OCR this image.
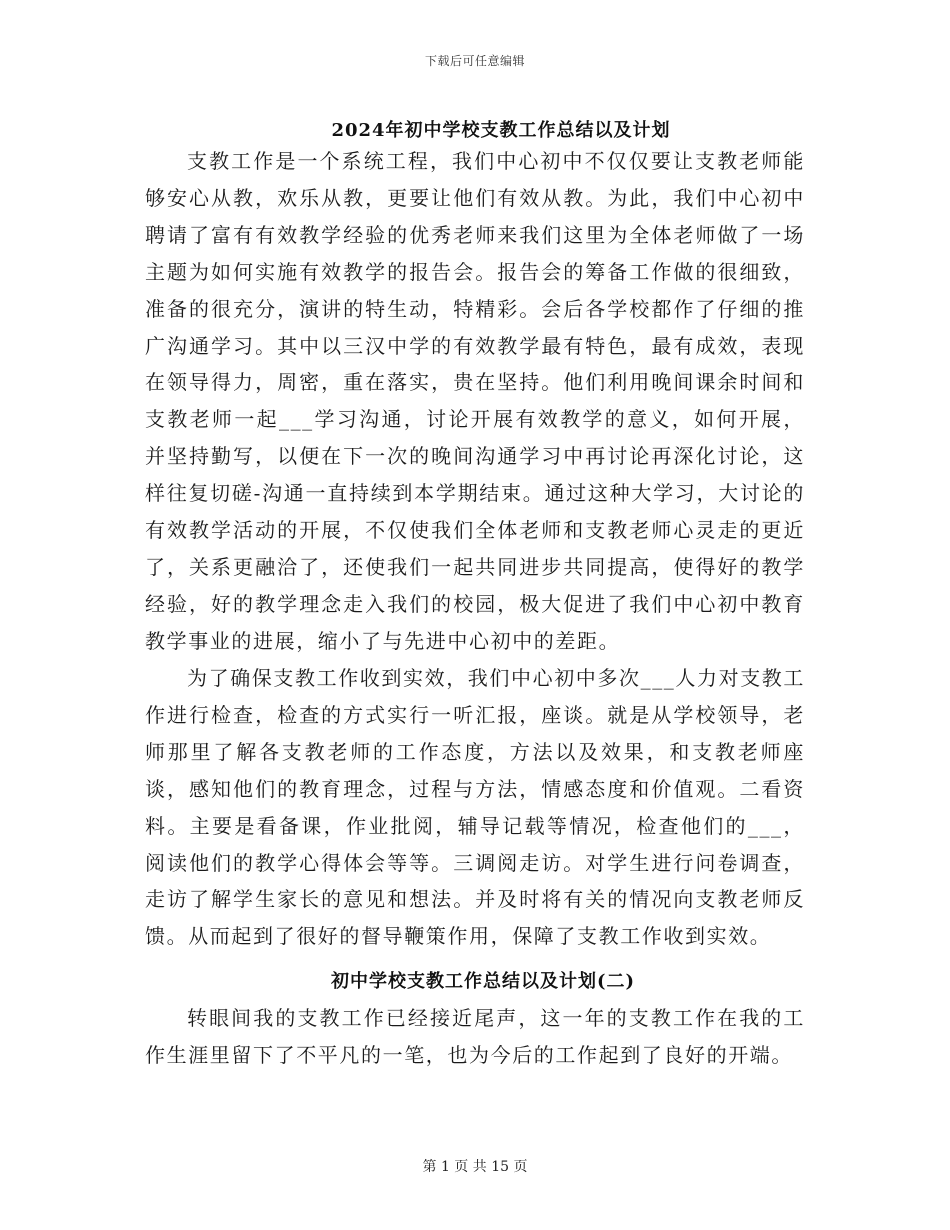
下载后可任意编辑
2024年初中学校支教工作总结以及计划

支教工作是一个系统工程，我们中心初中不仅仅要让支教老师能够安心从教，欢乐从教，更要让他们有效从教。为此，我们中心初中聘请了富有有效教学经验的优秀老师来我们这里为全体老师做了一场主题为如何实施有效教学的报告会。报告会的筹备工作做的很细致，准备的很充分，演讲的特生动，特精彩。会后各学校都作了仔细的推广沟通学习。其中以三汉中学的有效教学最有特色，最有成效，表现在领导得力，周密，重在落实，贵在坚持。他们利用晚间课余时间和支教老师一起___学习沟通，讨论开展有效教学的意义，如何开展，并坚持勤写，以便在下一次的晚间沟通学习中再讨论再深化讨论，这样往复切磋-沟通一直持续到本学期结束。通过这种大学习，大讨论的有效教学活动的开展，不仅使我们全体老师和支教老师心灵走的更近了，关系更融洽了，还使我们一起共同进步共同提高，使得好的教学经验，好的教学理念走入我们的校园，极大促进了我们中心初中教育教学事业的进展，缩小了与先进中心初中的差距。

为了确保支教工作收到实效，我们中心初中多次___人力对支教工作进行检查，检查的方式实行一听汇报，座谈。就是从学校领导，老师那里了解各支教老师的工作态度，方法以及效果，和支教老师座谈，感知他们的教育理念，过程与方法，情感态度和价值观。二看资料。主要是看备课，作业批阅，辅导记载等情况，检查他们的___，阅读他们的教学心得体会等等。三调阅走访。对学生进行问卷调查，走访了解学生家长的意见和想法。并及时将有关的情况向支教老师反馈。从而起到了很好的督导鞭策作用，保障了支教工作收到实效。

初中学校支教工作总结以及计划(二)

转眼间我的支教工作已经接近尾声，这一年的支教工作在我的工作生涯里留下了不平凡的一笔，也为今后的工作起到了良好的开端。

第 1 页 共 15 页
